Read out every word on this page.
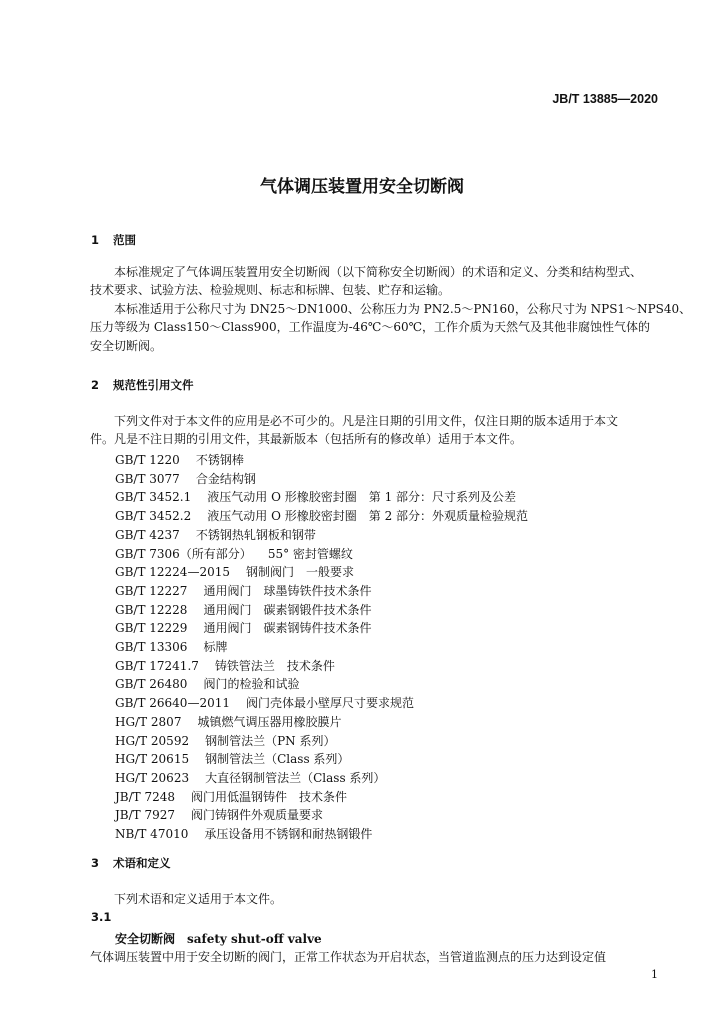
JB/T 13885—2020
气体调压装置用安全切断阀
1 范围
　　本标准规定了气体调压装置用安全切断阀（以下简称安全切断阀）的术语和定义、分类和结构型式、
技术要求、试验方法、检验规则、标志和标牌、包装、贮存和运输。
　　本标准适用于公称尺寸为 DN25～DN1000、公称压力为 PN2.5～PN160，公称尺寸为 NPS1～NPS40、
压力等级为 Class150～Class900，工作温度为-46℃～60℃，工作介质为天然气及其他非腐蚀性气体的
安全切断阀。
2 规范性引用文件
　　下列文件对于本文件的应用是必不可少的。凡是注日期的引用文件，仅注日期的版本适用于本文
件。凡是不注日期的引用文件，其最新版本（包括所有的修改单）适用于本文件。
GB/T 1220　 不锈钢棒
GB/T 3077　 合金结构钢
GB/T 3452.1　 液压气动用 O 形橡胶密封圈　第 1 部分：尺寸系列及公差
GB/T 3452.2　 液压气动用 O 形橡胶密封圈　第 2 部分：外观质量检验规范
GB/T 4237　 不锈钢热轧钢板和钢带
GB/T 7306（所有部分）　 55° 密封管螺纹
GB/T 12224—2015　 钢制阀门　一般要求
GB/T 12227　 通用阀门　球墨铸铁件技术条件
GB/T 12228　 通用阀门　碳素钢锻件技术条件
GB/T 12229　 通用阀门　碳素钢铸件技术条件
GB/T 13306　 标牌
GB/T 17241.7　 铸铁管法兰　技术条件
GB/T 26480　 阀门的检验和试验
GB/T 26640—2011　 阀门壳体最小壁厚尺寸要求规范
HG/T 2807　 城镇燃气调压器用橡胶膜片
HG/T 20592　 钢制管法兰（PN 系列）
HG/T 20615　 钢制管法兰（Class 系列）
HG/T 20623　 大直径钢制管法兰（Class 系列）
JB/T 7248　 阀门用低温钢铸件　技术条件
JB/T 7927　 阀门铸钢件外观质量要求
NB/T 47010　 承压设备用不锈钢和耐热钢锻件
3 术语和定义
　　下列术语和定义适用于本文件。
3.1
安全切断阀　safety shut-off valve
气体调压装置中用于安全切断的阀门，正常工作状态为开启状态，当管道监测点的压力达到设定值
1
